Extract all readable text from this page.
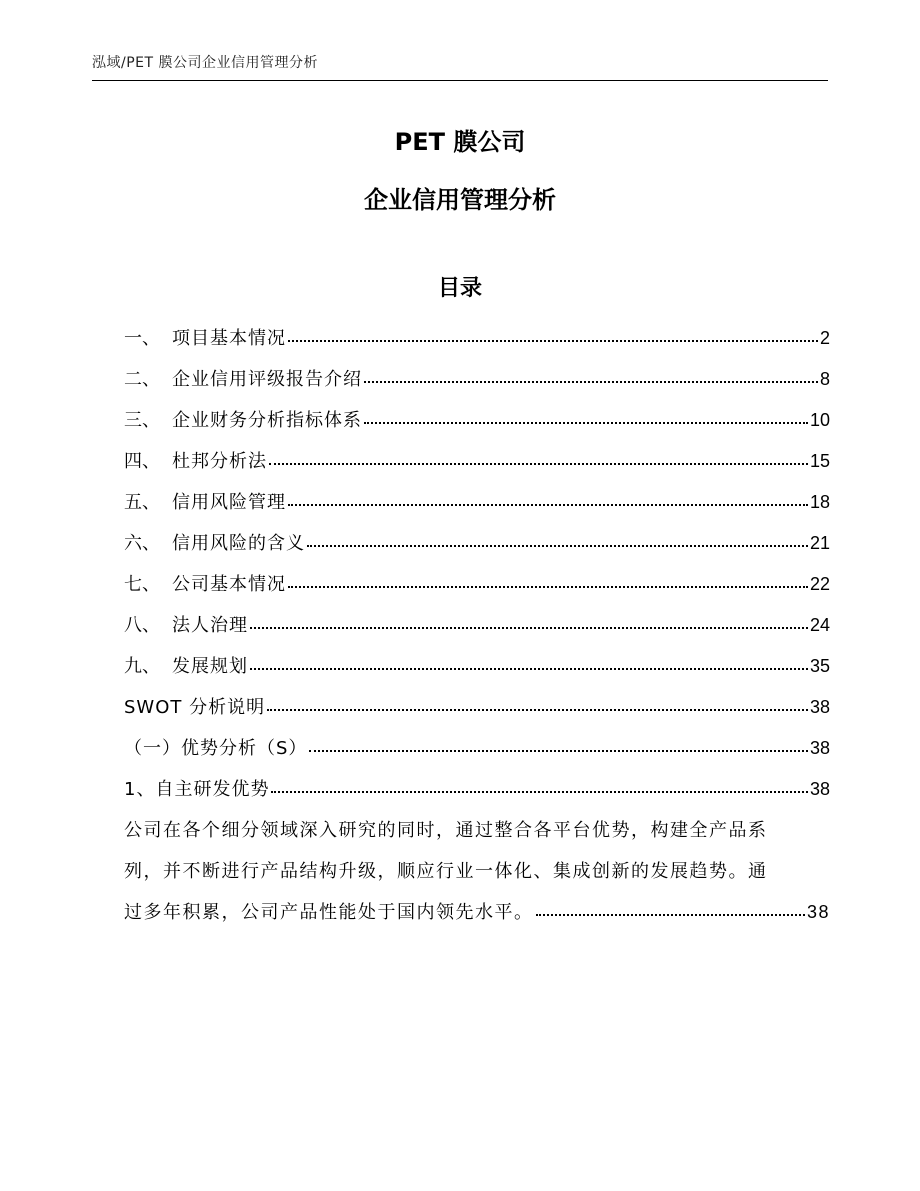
泓域/PET 膜公司企业信用管理分析
PET 膜公司
企业信用管理分析
目录
一、 项目基本情况	2
二、 企业信用评级报告介绍	8
三、 企业财务分析指标体系	10
四、 杜邦分析法	15
五、 信用风险管理	18
六、 信用风险的含义	21
七、 公司基本情况	22
八、 法人治理	24
九、 发展规划	35
SWOT 分析说明	38
（一）优势分析（S）	38
1、自主研发优势	38
公司在各个细分领域深入研究的同时，通过整合各平台优势，构建全产品系
列，并不断进行产品结构升级，顺应行业一体化、集成创新的发展趋势。通
过多年积累，公司产品性能处于国内领先水平。	38
